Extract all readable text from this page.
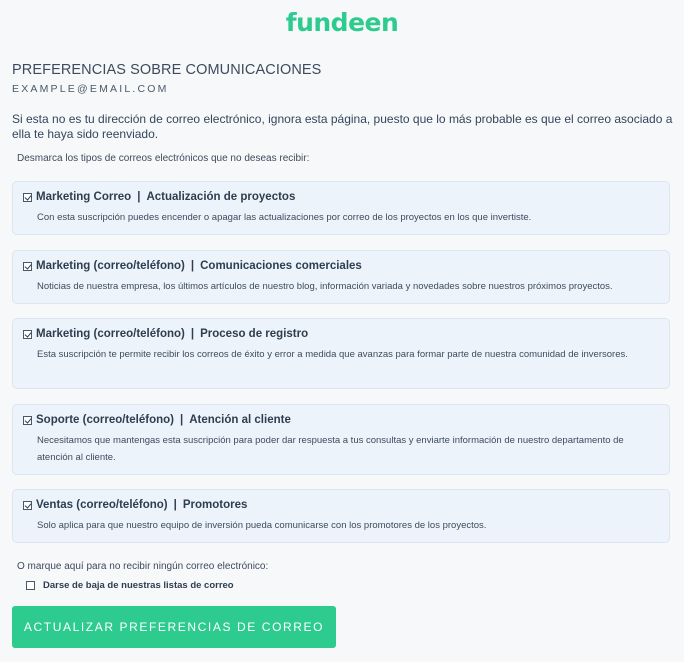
fundeen
PREFERENCIAS SOBRE COMUNICACIONES
EXAMPLE@EMAIL.COM
Si esta no es tu dirección de correo electrónico, ignora esta página, puesto que lo más probable es que el correo asociado a ella te haya sido reenviado.
Desmarca los tipos de correos electrónicos que no deseas recibir:
Marketing Correo | Actualización de proyectos
Con esta suscripción puedes encender o apagar las actualizaciones por correo de los proyectos en los que invertiste.
Marketing (correo/teléfono) | Comunicaciones comerciales
Noticias de nuestra empresa, los últimos artículos de nuestro blog, información variada y novedades sobre nuestros próximos proyectos.
Marketing (correo/teléfono) | Proceso de registro
Esta suscripción te permite recibir los correos de éxito y error a medida que avanzas para formar parte de nuestra comunidad de inversores.
Soporte (correo/teléfono) | Atención al cliente
Necesitamos que mantengas esta suscripción para poder dar respuesta a tus consultas y enviarte información de nuestro departamento de atención al cliente.
Ventas (correo/teléfono) | Promotores
Solo aplica para que nuestro equipo de inversión pueda comunicarse con los promotores de los proyectos.
O marque aquí para no recibir ningún correo electrónico:
Darse de baja de nuestras listas de correo
ACTUALIZAR PREFERENCIAS DE CORREO
